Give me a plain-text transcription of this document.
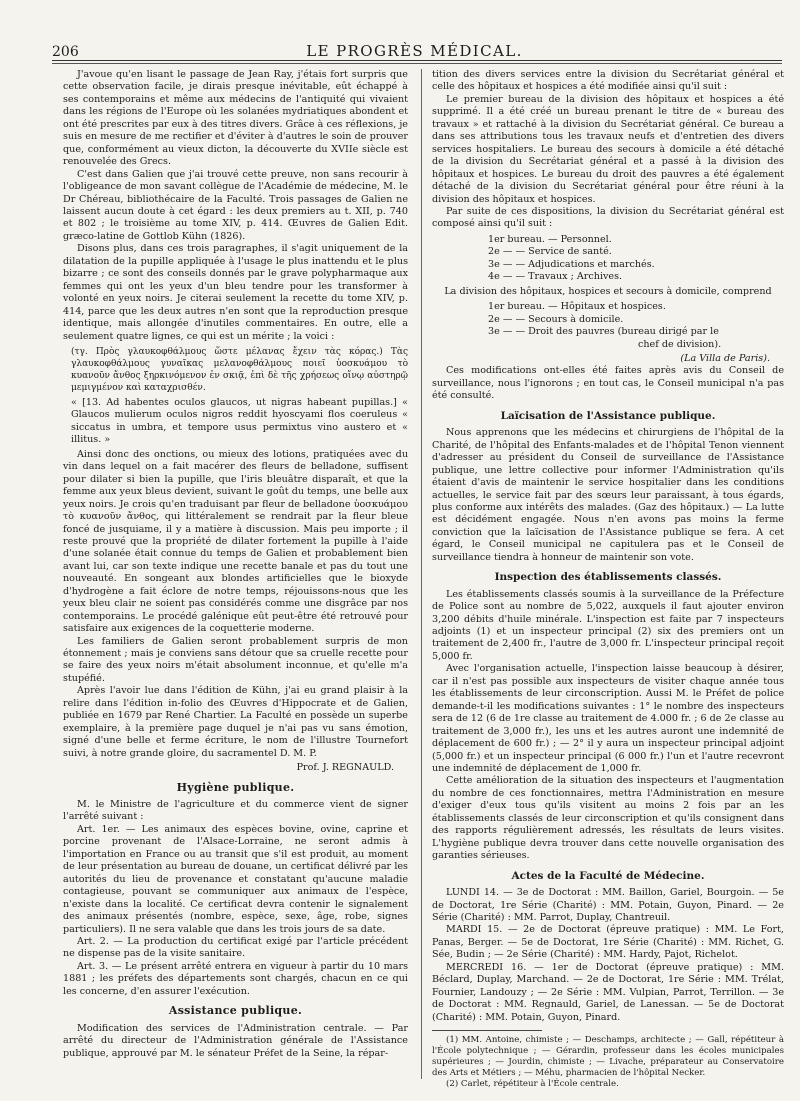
206	LE PROGRÈS MÉDICAL.

J'avoue qu'en lisant le passage de Jean Ray, j'étais fort surpris que cette observation facile, je dirais presque inévitable, eût échappé à ses contemporains et même aux médecins de l'antiquité qui vivaient dans les régions de l'Europe où les solanées mydriatiques abondent et ont été prescrites par eux à des titres divers. Grâce à ces réflexions, je suis en mesure de me rectifier et d'éviter à d'autres le soin de prouver que, conformément au vieux dicton, la découverte du XVIIe siècle est renouvelée des Grecs.

C'est dans Galien que j'ai trouvé cette preuve, non sans recourir à l'obligeance de mon savant collègue de l'Académie de médecine, M. le Dr Chéreau, bibliothécaire de la Faculté. Trois passages de Galien ne laissent aucun doute à cet égard : les deux premiers au t. XII, p. 740 et 802 ; le troisième au tome XIV, p. 414. Œuvres de Galien Edit. græco-latine de Gottlob Kühn (1826).

Disons plus, dans ces trois paragraphes, il s'agit uniquement de la dilatation de la pupille appliquée à l'usage le plus inattendu et le plus bizarre ; ce sont des conseils donnés par le grave polypharmaque aux femmes qui ont les yeux d'un bleu tendre pour les transformer à volonté en yeux noirs. Je citerai seulement la recette du tome XIV, p. 414, parce que les deux autres n'en sont que la reproduction presque identique, mais allongée d'inutiles commentaires. En outre, elle a seulement quatre lignes, ce qui est un mérite ; la voici :

(τγ. Πρὸς γλαυκοφθάλμους ὥστε μέλανας ἔχειν τὰς κόρας.) Τὰς γλαυκοφθάλμους γυναῖκας μελανοφθάλμους ποιεῖ ὑοσκυάμου τὸ κυανοῦν ἄνθος ξηρκινόμενον ἐν σκιᾷ, ἐπὶ δὲ τῆς χρήσεως οἴνῳ αὐστηρῷ μεμιγμένον καὶ καταχρισθέν.

« [13. Ad habentes oculos glaucos, ut nigras habeant pupillas.] « Glaucos mulierum oculos nigros reddit hyoscyami flos coeruleus « siccatus in umbra, et tempore usus permixtus vino austero et « illitus. »

Ainsi donc des onctions, ou mieux des lotions, pratiquées avec du vin dans lequel on a fait macérer des fleurs de belladone, suffisent pour dilater si bien la pupille, que l'iris bleuâtre disparaît, et que la femme aux yeux bleus devient, suivant le goût du temps, une belle aux yeux noirs. Je crois qu'en traduisant par fleur de belladone ὑοσκυάμου τὸ κυανοῦν ἄνθος, qui littéralement se rendrait par la fleur bleue foncé de jusquiame, il y a matière à discussion. Mais peu importe ; il reste prouvé que la propriété de dilater fortement la pupille à l'aide d'une solanée était connue du temps de Galien et probablement bien avant lui, car son texte indique une recette banale et pas du tout une nouveauté. En songeant aux blondes artificielles que le bioxyde d'hydrogène a fait éclore de notre temps, réjouissons-nous que les yeux bleu clair ne soient pas considérés comme une disgrâce par nos contemporains. Le procédé galénique eût peut-être été retrouvé pour satisfaire aux exigences de la coquetterie moderne.

Les familiers de Galien seront probablement surpris de mon étonnement ; mais je conviens sans détour que sa cruelle recette pour se faire des yeux noirs m'était absolument inconnue, et qu'elle m'a stupéfié.

Après l'avoir lue dans l'édition de Kühn, j'ai eu grand plaisir à la relire dans l'édition in-folio des Œuvres d'Hippocrate et de Galien, publiée en 1679 par René Chartier. La Faculté en possède un superbe exemplaire, à la première page duquel je n'ai pas vu sans émotion, signé d'une belle et ferme écriture, le nom de l'illustre Tournefort suivi, à notre grande gloire, du sacramentel D. M. P.

Prof. J. REGNAULD.
Hygiène publique.

M. le Ministre de l'agriculture et du commerce vient de signer l'arrêté suivant :

Art. 1er. — Les animaux des espèces bovine, ovine, caprine et porcine provenant de l'Alsace-Lorraine, ne seront admis à l'importation en France ou au transit que s'il est produit, au moment de leur présentation au bureau de douane, un certificat délivré par les autorités du lieu de provenance et constatant qu'aucune maladie contagieuse, pouvant se communiquer aux animaux de l'espèce, n'existe dans la localité. Ce certificat devra contenir le signalement des animaux présentés (nombre, espèce, sexe, âge, robe, signes particuliers). Il ne sera valable que dans les trois jours de sa date.

Art. 2. — La production du certificat exigé par l'article précédent ne dispense pas de la visite sanitaire.

Art. 3. — Le présent arrêté entrera en vigueur à partir du 10 mars 1881 ; les préfets des départements sont chargés, chacun en ce qui les concerne, d'en assurer l'exécution.

Assistance publique.

Modification des services de l'Administration centrale. — Par arrêté du directeur de l'Administration générale de l'Assistance publique, approuvé par M. le sénateur Préfet de la Seine, la répar-

tition des divers services entre la division du Secrétariat général et celle des hôpitaux et hospices a été modifiée ainsi qu'il suit :

Le premier bureau de la division des hôpitaux et hospices a été supprimé. Il a été créé un bureau prenant le titre de « bureau des travaux » et rattaché à la division du Secrétariat général. Ce bureau a dans ses attributions tous les travaux neufs et d'entretien des divers services hospitaliers. Le bureau des secours à domicile a été détaché de la division du Secrétariat général et a passé à la division des hôpitaux et hospices. Le bureau du droit des pauvres a été également détaché de la division du Secrétariat général pour être réuni à la division des hôpitaux et hospices.

Par suite de ces dispositions, la division du Secrétariat général est composé ainsi qu'il suit :

1er bureau. — Personnel.
2e — — Service de santé.
3e — — Adjudications et marchés.
4e — — Travaux ; Archives.

La division des hôpitaux, hospices et secours à domicile, comprend

1er bureau. — Hôpitaux et hospices.
2e — — Secours à domicile.
3e — — Droit des pauvres (bureau dirigé par le
chef de division).
(La Villa de Paris).

Ces modifications ont-elles été faites après avis du Conseil de surveillance, nous l'ignorons ; en tout cas, le Conseil municipal n'a pas été consulté.

Laïcisation de l'Assistance publique.

Nous apprenons que les médecins et chirurgiens de l'hôpital de la Charité, de l'hôpital des Enfants-malades et de l'hôpital Tenon viennent d'adresser au président du Conseil de surveillance de l'Assistance publique, une lettre collective pour informer l'Administration qu'ils étaient d'avis de maintenir le service hospitalier dans les conditions actuelles, le service fait par des sœurs leur paraissant, à tous égards, plus conforme aux intérêts des malades. (Gaz des hôpitaux.) — La lutte est décidément engagée. Nous n'en avons pas moins la ferme conviction que la laïcisation de l'Assistance publique se fera. A cet égard, le Conseil municipal ne capitulera pas et le Conseil de surveillance tiendra à honneur de maintenir son vote.

Inspection des établissements classés.

Les établissements classés soumis à la surveillance de la Préfecture de Police sont au nombre de 5,022, auxquels il faut ajouter environ 3,200 débits d'huile minérale. L'inspection est faite par 7 inspecteurs adjoints (1) et un inspecteur principal (2) six des premiers ont un traitement de 2,400 fr., l'autre de 3,000 fr. L'inspecteur principal reçoit 5,000 fr.

Avec l'organisation actuelle, l'inspection laisse beaucoup à désirer, car il n'est pas possible aux inspecteurs de visiter chaque année tous les établissements de leur circonscription. Aussi M. le Préfet de police demande-t-il les modifications suivantes : 1° le nombre des inspecteurs sera de 12 (6 de 1re classe au traitement de 4.000 fr. ; 6 de 2e classe au traitement de 3,000 fr.), les uns et les autres auront une indemnité de déplacement de 600 fr.) ; — 2° il y aura un inspecteur principal adjoint (5,000 fr.) et un inspecteur principal (6 000 fr.) l'un et l'autre recevront une indemnité de déplacement de 1,000 fr.

Cette amélioration de la situation des inspecteurs et l'augmentation du nombre de ces fonctionnaires, mettra l'Administration en mesure d'exiger d'eux tous qu'ils visitent au moins 2 fois par an les établissements classés de leur circonscription et qu'ils consignent dans des rapports régulièrement adressés, les résultats de leurs visites. L'hygiène publique devra trouver dans cette nouvelle organisation des garanties sérieuses.

Actes de la Faculté de Médecine.

LUNDI 14. — 3e de Doctorat : MM. Baillon, Gariel, Bourgoin. — 5e de Doctorat, 1re Série (Charité) : MM. Potain, Guyon, Pinard. — 2e Série (Charité) : MM. Parrot, Duplay, Chantreuil.

MARDI 15. — 2e de Doctorat (épreuve pratique) : MM. Le Fort, Panas, Berger. — 5e de Doctorat, 1re Série (Charité) : MM. Richet, G. Sée, Budin ; — 2e Série (Charité) : MM. Hardy, Pajot, Richelot.

MERCREDI 16. — 1er de Doctorat (épreuve pratique) : MM. Béclard, Duplay, Marchand. — 2e de Doctorat, 1re Série : MM. Trélat, Fournier, Landouzy ; — 2e Série : MM. Vulpian, Parrot, Terrillon. — 3e de Doctorat : MM. Regnauld, Gariel, de Lanessan. — 5e de Doctorat (Charité) : MM. Potain, Guyon, Pinard.

(1) MM. Antoine, chimiste ; — Deschamps, architecte ; — Gall, répétiteur à l'École polytechnique ; — Gérardin, professeur dans les écoles municipales supérieures ; — Jourdin, chimiste ; — Livache, préparateur au Conservatoire des Arts et Métiers ; — Méhu, pharmacien de l'hôpital Necker.

(2) Carlet, répétiteur à l'École centrale.
